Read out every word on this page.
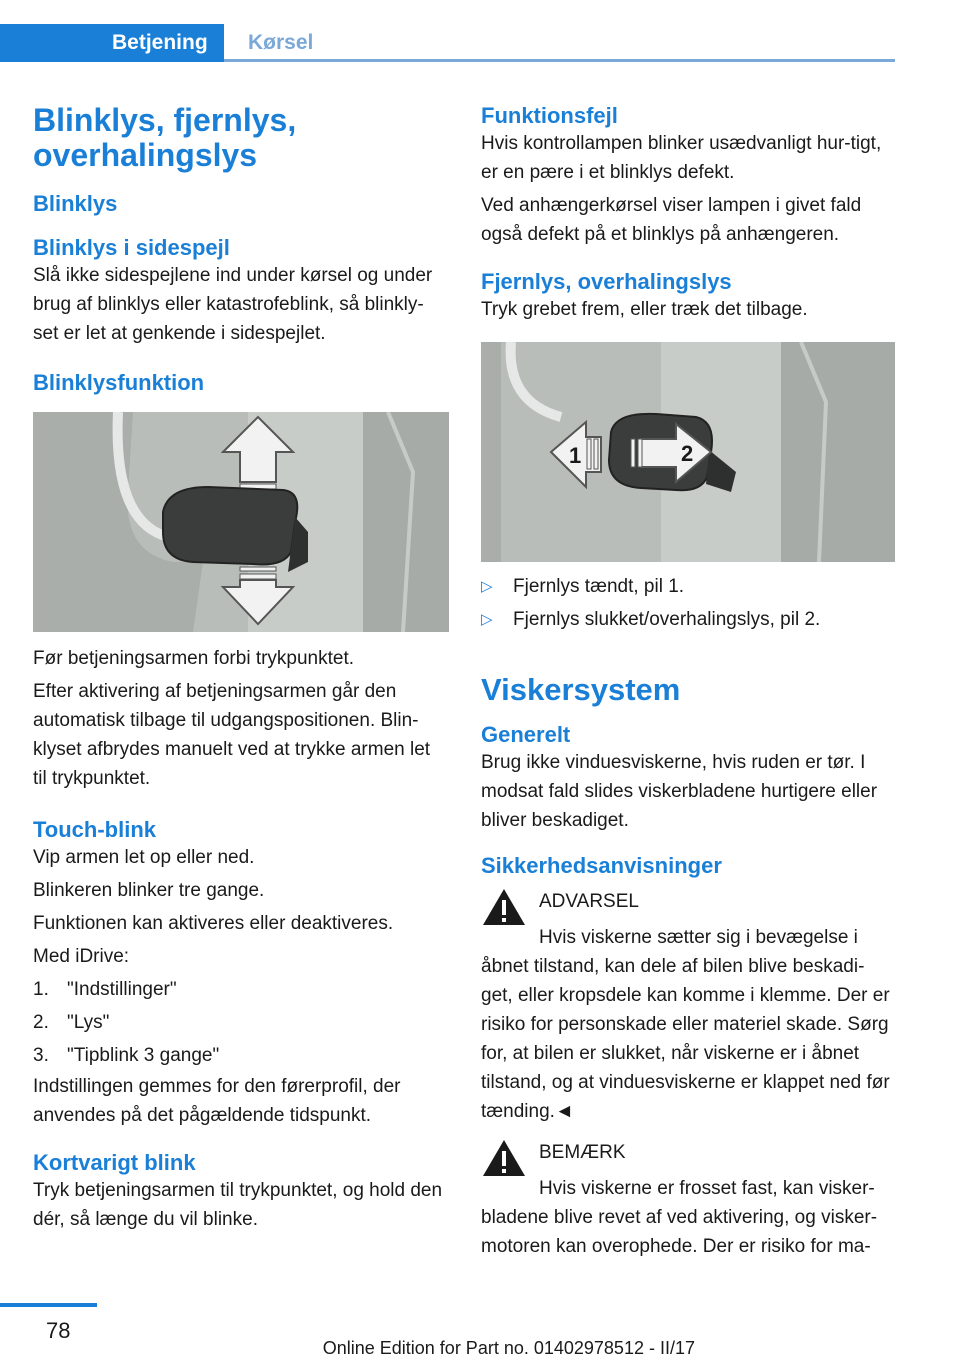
Betjening	Kørsel
Blinklys, fjernlys, overhalingslys
Blinklys
Blinklys i sidespejl
Slå ikke sidespejlene ind under kørsel og under brug af blinklys eller katastrofeblink, så blinkly-set er let at genkende i sidespejlet.
Blinklysfunktion
Før betjeningsarmen forbi trykpunktet.
Efter aktivering af betjeningsarmen går den automatisk tilbage til udgangspositionen. Blin-klyset afbrydes manuelt ved at trykke armen let til trykpunktet.
Touch-blink
Vip armen let op eller ned.
Blinkeren blinker tre gange.
Funktionen kan aktiveres eller deaktiveres.
Med iDrive:
1. "Indstillinger"
2. "Lys"
3. "Tipblink 3 gange"
Indstillingen gemmes for den førerprofil, der anvendes på det pågældende tidspunkt.
Kortvarigt blink
Tryk betjeningsarmen til trykpunktet, og hold den dér, så længe du vil blinke.
Funktionsfejl
Hvis kontrollampen blinker usædvanligt hur-tigt, er en pære i et blinklys defekt.
Ved anhængerkørsel viser lampen i givet fald også defekt på et blinklys på anhængeren.
Fjernlys, overhalingslys
Tryk grebet frem, eller træk det tilbage.
1	2
▷	Fjernlys tændt, pil 1.
▷	Fjernlys slukket/overhalingslys, pil 2.
Viskersystem
Generelt
Brug ikke vinduesviskerne, hvis ruden er tør. I modsat fald slides viskerbladene hurtigere eller bliver beskadiget.
Sikkerhedsanvisninger
ADVARSEL
Hvis viskerne sætter sig i bevægelse i åbnet tilstand, kan dele af bilen blive beskadi-get, eller kropsdele kan komme i klemme. Der er risiko for personskade eller materiel skade. Sørg for, at bilen er slukket, når viskerne er i åbnet tilstand, og at vinduesviskerne er klappet ned før tænding.◄
BEMÆRK
Hvis viskerne er frosset fast, kan visker-bladene blive revet af ved aktivering, og visker-motoren kan overophede. Der er risiko for ma-
78
Online Edition for Part no. 01402978512 - II/17
